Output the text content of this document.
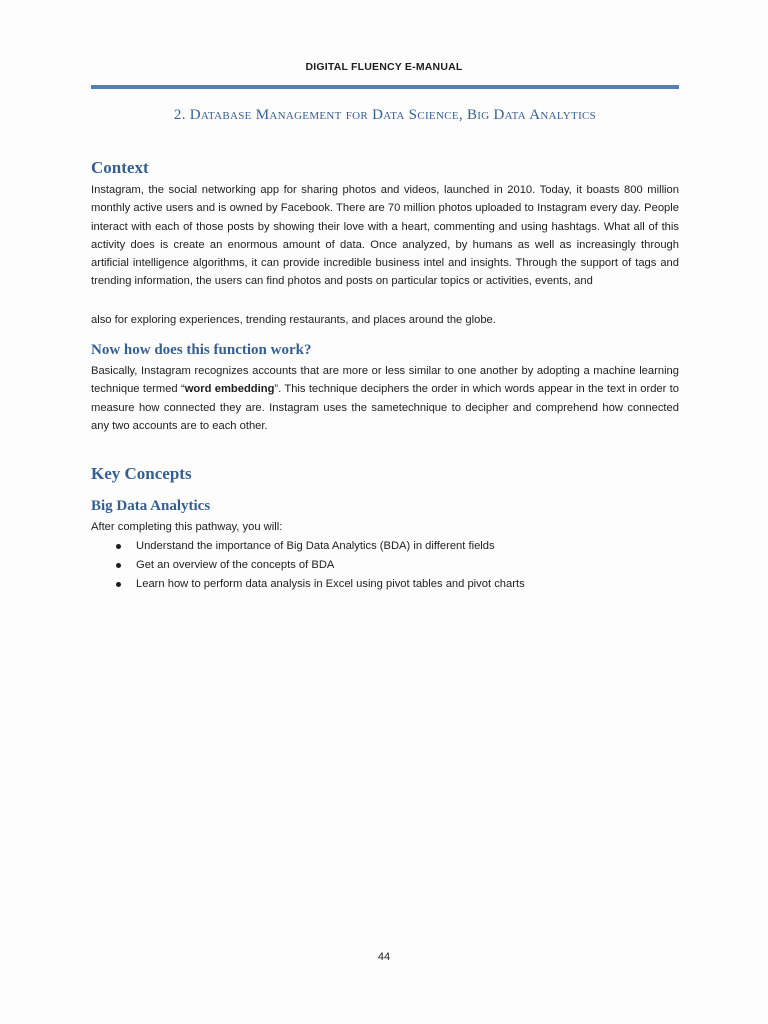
DIGITAL FLUENCY E-MANUAL
2. Database Management for Data Science, Big Data Analytics
Context

Instagram, the social networking app for sharing photos and videos, launched in 2010. Today, it boasts 800 million monthly active users and is owned by Facebook. There are 70 million photos uploaded to Instagram every day. People interact with each of those posts by showing their love with a heart, commenting and using hashtags. What all of this activity does is create an enormous amount of data. Once analyzed, by humans as well as increasingly through artificial intelligence algorithms, it can provide incredible business intel and insights. Through the support of tags and trending information, the users can find photos and posts on particular topics or activities, events, and

also for exploring experiences, trending restaurants, and places around the globe.

Now how does this function work?

Basically, Instagram recognizes accounts that are more or less similar to one another by adopting a machine learning technique termed “word embedding”. This technique deciphers the order in which words appear in the text in order to measure how connected they are. Instagram uses the sametechnique to decipher and comprehend how connected any two accounts are to each other.

Key Concepts
Big Data Analytics

After completing this pathway, you will:

Understand the importance of Big Data Analytics (BDA) in different fields
Get an overview of the concepts of BDA
Learn how to perform data analysis in Excel using pivot tables and pivot charts
44
